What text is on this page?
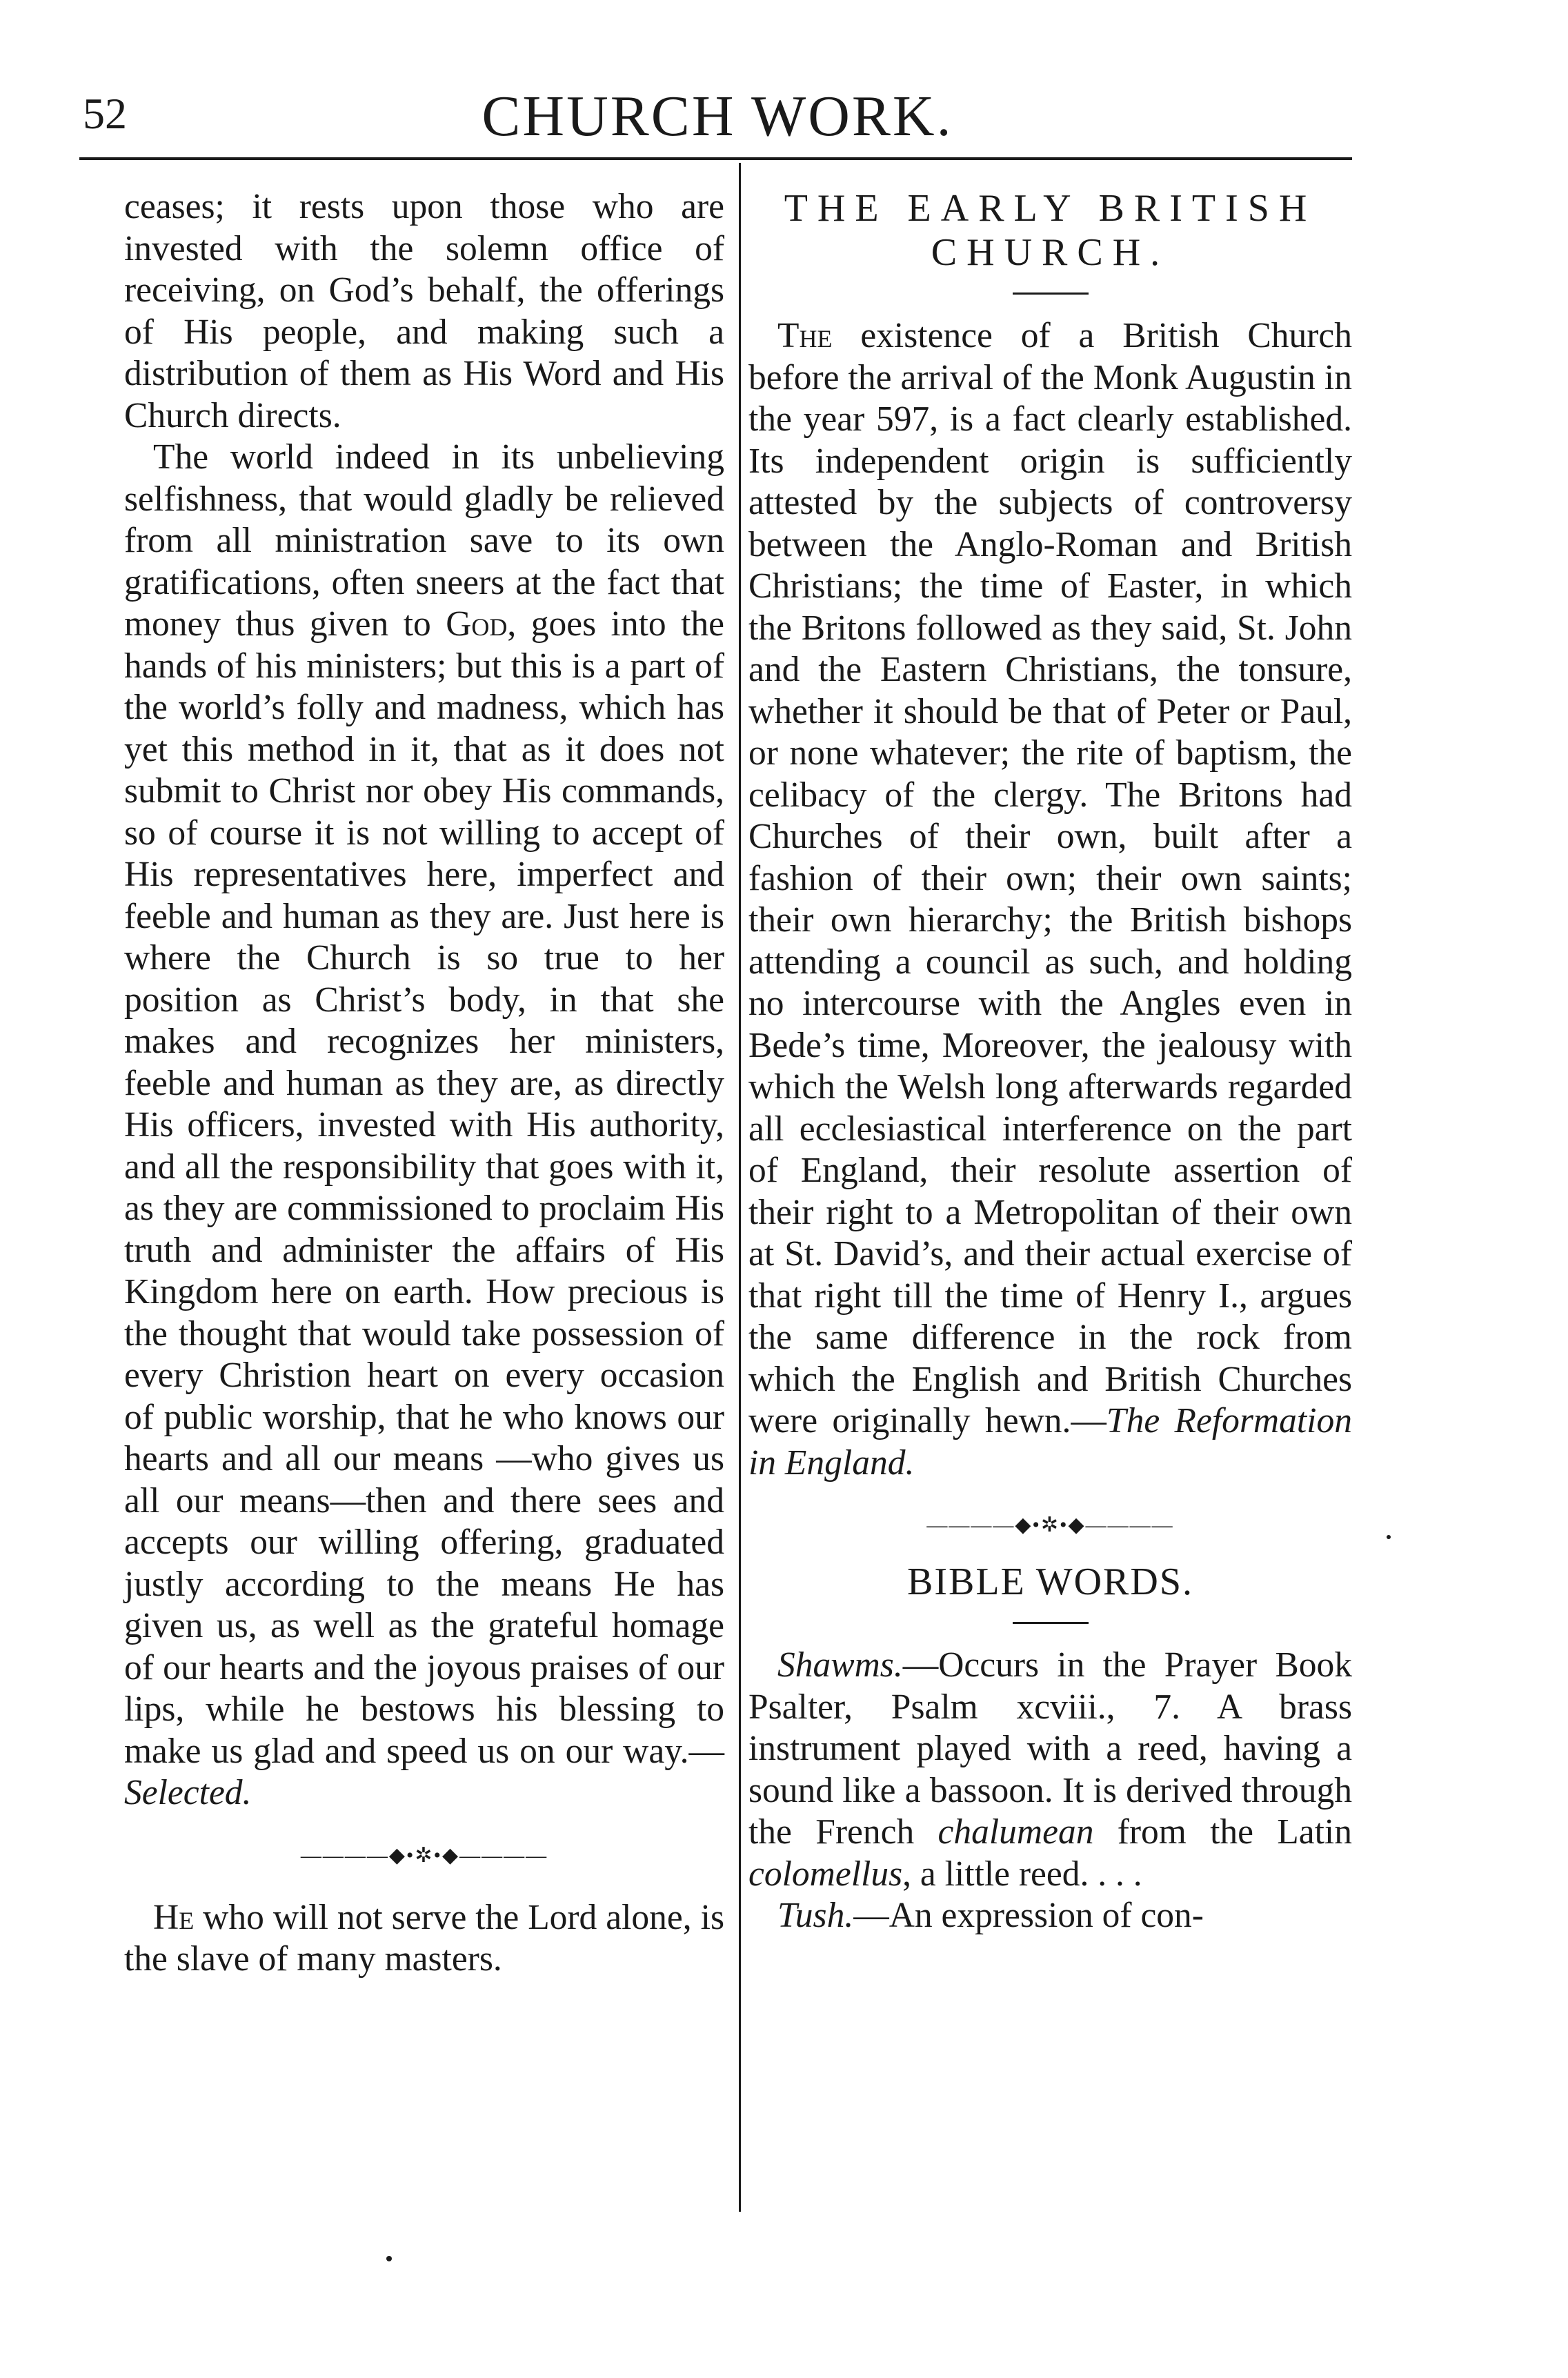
52	CHURCH WORK.

ceases; it rests upon those who are invested with the solemn office of receiving, on God’s behalf, the offerings of His people, and making such a distribution of them as His Word and His Church directs.

The world indeed in its unbelieving selfishness, that would gladly be relieved from all ministration save to its own gratifications, often sneers at the fact that money thus given to God, goes into the hands of his ministers; but this is a part of the world’s folly and madness, which has yet this method in it, that as it does not submit to Christ nor obey His commands, so of course it is not willing to accept of His representatives here, imperfect and feeble and human as they are. Just here is where the Church is so true to her position as Christ’s body, in that she makes and recognizes her ministers, feeble and human as they are, as directly His officers, invested with His authority, and all the responsibility that goes with it, as they are commissioned to proclaim His truth and administer the affairs of His Kingdom here on earth. How precious is the thought that would take possession of every Christion heart on every occasion of public worship, that he who knows our hearts and all our means —who gives us all our means—then and there sees and accepts our willing offering, graduated justly according to the means He has given us, as well as the grateful homage of our hearts and the joyous praises of our lips, while he bestows his blessing to make us glad and speed us on our way.—Selected.

————◆•✲•◆————

He who will not serve the Lord alone, is the slave of many masters.

THE EARLY BRITISH
CHURCH.

The existence of a British Church before the arrival of the Monk Augustin in the year 597, is a fact clearly established. Its independent origin is sufficiently attested by the subjects of controversy between the Anglo-Roman and British Christians; the time of Easter, in which the Britons followed as they said, St. John and the Eastern Christians, the tonsure, whether it should be that of Peter or Paul, or none whatever; the rite of baptism, the celibacy of the clergy. The Britons had Churches of their own, built after a fashion of their own; their own saints; their own hierarchy; the British bishops attending a council as such, and holding no intercourse with the Angles even in Bede’s time, Moreover, the jealousy with which the Welsh long afterwards regarded all ecclesiastical interference on the part of England, their resolute assertion of their right to a Metropolitan of their own at St. David’s, and their actual exercise of that right till the time of Henry I., argues the same difference in the rock from which the English and British Churches were originally hewn.—The Reformation in England.

————◆•✲•◆————

BIBLE WORDS.

Shawms.—Occurs in the Prayer Book Psalter, Psalm xcviii., 7. A brass instrument played with a reed, having a sound like a bassoon. It is derived through the French chalumean from the Latin colomellus, a little reed. . . .

Tush.—An expression of con-
